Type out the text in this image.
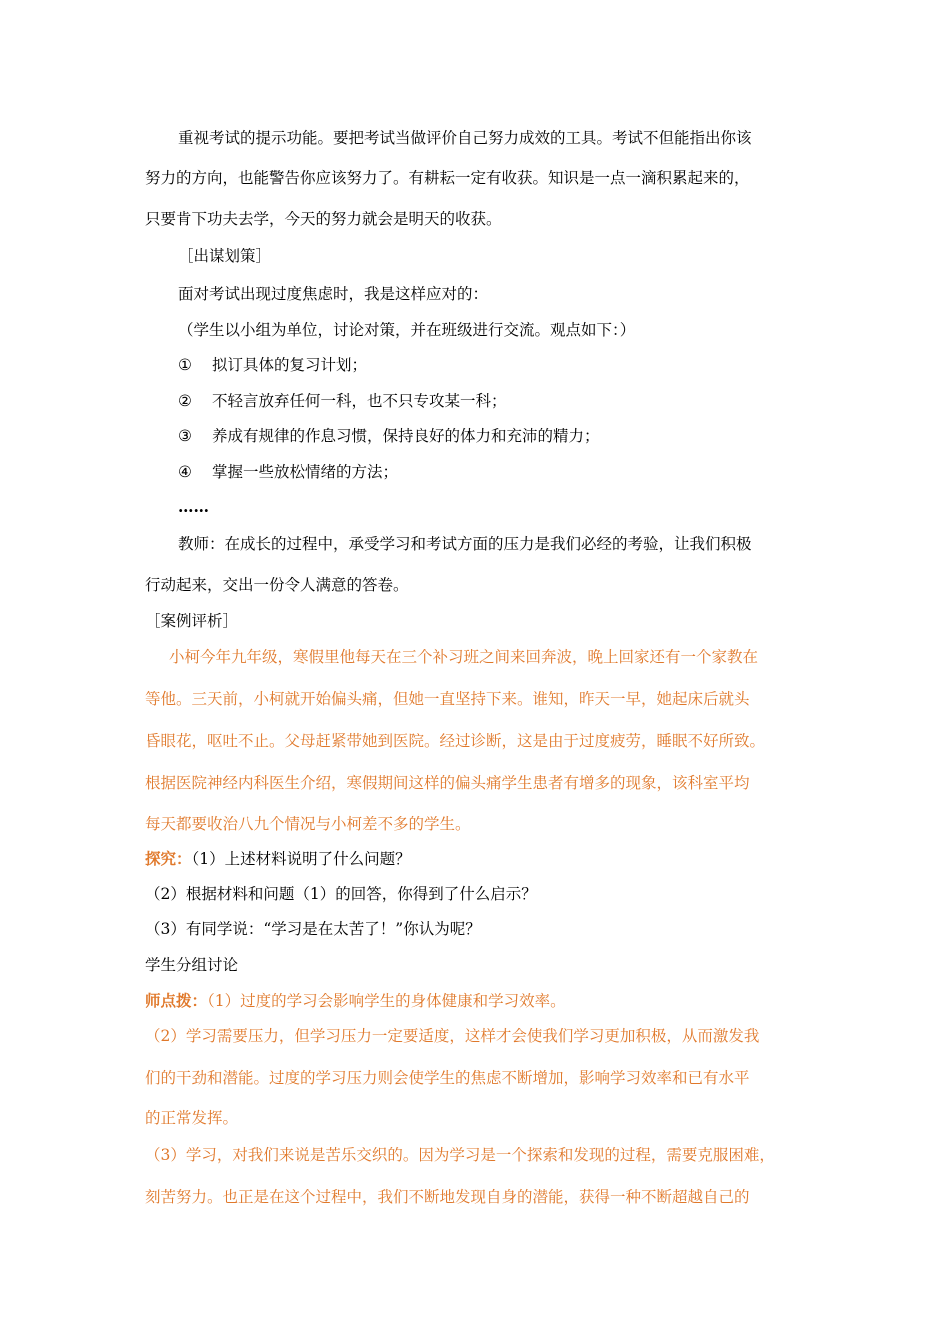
重视考试的提示功能。要把考试当做评价自己努力成效的工具。考试不但能指出你该
努力的方向，也能警告你应该努力了。有耕耘一定有收获。知识是一点一滴积累起来的，
只要肯下功夫去学，今天的努力就会是明天的收获。
［出谋划策］
面对考试出现过度焦虑时，我是这样应对的：
（学生以小组为单位，讨论对策，并在班级进行交流。观点如下：）
① 拟订具体的复习计划；
② 不轻言放弃任何一科，也不只专攻某一科；
③ 养成有规律的作息习惯，保持良好的体力和充沛的精力；
④ 掌握一些放松情绪的方法；
……
教师：在成长的过程中，承受学习和考试方面的压力是我们必经的考验，让我们积极
行动起来，交出一份令人满意的答卷。
［案例评析］
小柯今年九年级，寒假里他每天在三个补习班之间来回奔波，晚上回家还有一个家教在
等他。三天前，小柯就开始偏头痛，但她一直坚持下来。谁知，昨天一早，她起床后就头
昏眼花，呕吐不止。父母赶紧带她到医院。经过诊断，这是由于过度疲劳，睡眠不好所致。
根据医院神经内科医生介绍，寒假期间这样的偏头痛学生患者有增多的现象，该科室平均
每天都要收治八九个情况与小柯差不多的学生。
探究：（1）上述材料说明了什么问题？
（2）根据材料和问题（1）的回答，你得到了什么启示？
（3）有同学说：“学习是在太苦了！”你认为呢？
学生分组讨论
师点拨：（1）过度的学习会影响学生的身体健康和学习效率。
（2）学习需要压力，但学习压力一定要适度，这样才会使我们学习更加积极，从而激发我
们的干劲和潜能。过度的学习压力则会使学生的焦虑不断增加，影响学习效率和已有水平
的正常发挥。
（3）学习，对我们来说是苦乐交织的。因为学习是一个探索和发现的过程，需要克服困难，
刻苦努力。也正是在这个过程中，我们不断地发现自身的潜能，获得一种不断超越自己的
